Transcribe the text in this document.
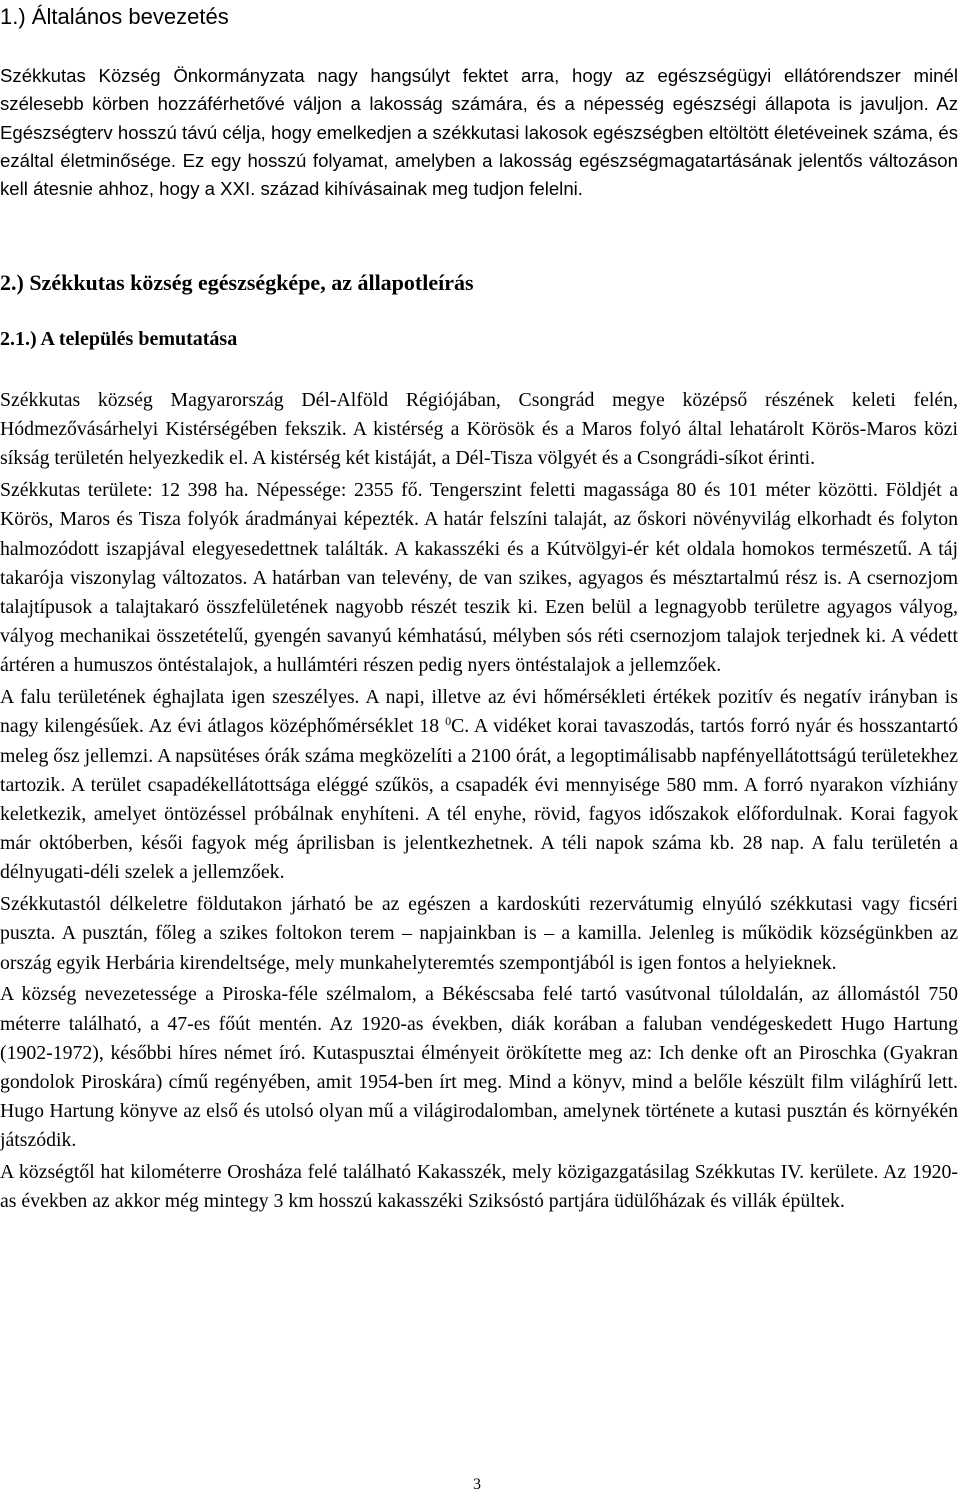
1.) Általános bevezetés

Székkutas Község Önkormányzata nagy hangsúlyt fektet arra, hogy az egészségügyi ellátórendszer minél szélesebb körben hozzáférhetővé váljon a lakosság számára, és a népesség egészségi állapota is javuljon. Az Egészségterv hosszú távú célja, hogy emelkedjen a székkutasi lakosok egészségben eltöltött életéveinek száma, és ezáltal életminősége. Ez egy hosszú folyamat, amelyben a lakosság egészségmagatartásának jelentős változáson kell átesnie ahhoz, hogy a XXI. század kihívásainak meg tudjon felelni.

2.) Székkutas község egészségképe, az állapotleírás
2.1.) A település bemutatása

Székkutas község Magyarország Dél-Alföld Régiójában, Csongrád megye középső részének keleti felén, Hódmezővásárhelyi Kistérségében fekszik. A kistérség a Körösök és a Maros folyó által lehatárolt Körös-Maros közi síkság területén helyezkedik el. A kistérség két kistáját, a Dél-Tisza völgyét és a Csongrádi-síkot érinti.

Székkutas területe: 12 398 ha. Népessége: 2355 fő. Tengerszint feletti magassága 80 és 101 méter közötti. Földjét a Körös, Maros és Tisza folyók áradmányai képezték. A határ felszíni talaját, az őskori növényvilág elkorhadt és folyton halmozódott iszapjával elegyesedettnek találták. A kakasszéki és a Kútvölgyi-ér két oldala homokos természetű. A táj takarója viszonylag változatos. A határban van televény, de van szikes, agyagos és mésztartalmú rész is. A csernozjom talajtípusok a talajtakaró összfelületének nagyobb részét teszik ki. Ezen belül a legnagyobb területre agyagos vályog, vályog mechanikai összetételű, gyengén savanyú kémhatású, mélyben sós réti csernozjom talajok terjednek ki. A védett ártéren a humuszos öntéstalajok, a hullámtéri részen pedig nyers öntéstalajok a jellemzőek.

A falu területének éghajlata igen szeszélyes. A napi, illetve az évi hőmérsékleti értékek pozitív és negatív irányban is nagy kilengésűek. Az évi átlagos középhőmérséklet 18 $^0$C. A vidéket korai tavaszodás, tartós forró nyár és hosszantartó meleg ősz jellemzi. A napsütéses órák száma megközelíti a 2100 órát, a legoptimálisabb napfényellátottságú területekhez tartozik. A terület csapadékellátottsága eléggé szűkös, a csapadék évi mennyisége 580 mm. A forró nyarakon vízhiány keletkezik, amelyet öntözéssel próbálnak enyhíteni. A tél enyhe, rövid, fagyos időszakok előfordulnak. Korai fagyok már októberben, késői fagyok még áprilisban is jelentkezhetnek. A téli napok száma kb. 28 nap. A falu területén a délnyugati-déli szelek a jellemzőek.

Székkutastól délkeletre földutakon járható be az egészen a kardoskúti rezervátumig elnyúló székkutasi vagy ficséri puszta. A pusztán, főleg a szikes foltokon terem – napjainkban is – a kamilla. Jelenleg is működik községünkben az ország egyik Herbária kirendeltsége, mely munkahelyteremtés szempontjából is igen fontos a helyieknek.

A község nevezetessége a Piroska-féle szélmalom, a Békéscsaba felé tartó vasútvonal túloldalán, az állomástól 750 méterre található, a 47-es főút mentén. Az 1920-as években, diák korában a faluban vendégeskedett Hugo Hartung (1902-1972), későbbi híres német író. Kutaspusztai élményeit örökítette meg az: Ich denke oft an Piroschka (Gyakran gondolok Piroskára) című regényében, amit 1954-ben írt meg. Mind a könyv, mind a belőle készült film világhírű lett. Hugo Hartung könyve az első és utolsó olyan mű a világirodalomban, amelynek története a kutasi pusztán és környékén játszódik.

A községtől hat kilométerre Orosháza felé található Kakasszék, mely közigazgatásilag Székkutas IV. kerülete. Az 1920-as években az akkor még mintegy 3 km hosszú kakasszéki Sziksóstó partjára üdülőházak és villák épültek.

3
